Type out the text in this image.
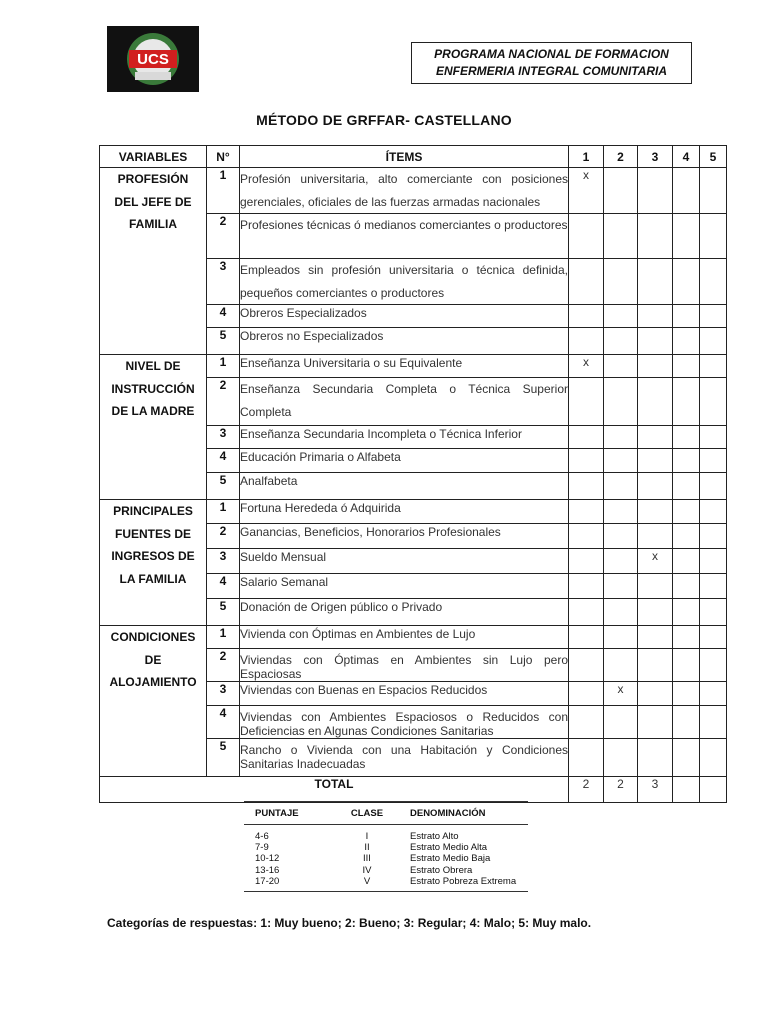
UCS	PROGRAMA NACIONAL DE FORMACION
ENFERMERIA INTEGRAL COMUNITARIA
MÉTODO DE GRFFAR- CASTELLANO
VARIABLES	N°	ÍTEMS	1	2	3	4	5
PROFESIÓN DEL JEFE DE FAMILIA	1	Profesión universitaria, alto comerciante con posiciones gerenciales, oficiales de las fuerzas armadas nacionales	x				
	2	Profesiones técnicas ó medianos comerciantes o productores					
	3	Empleados sin profesión universitaria o técnica definida, pequeños comerciantes o productores					
	4	Obreros Especializados					
	5	Obreros no Especializados					
NIVEL DE INSTRUCCIÓN DE LA MADRE	1	Enseñanza Universitaria o su Equivalente	x				
	2	Enseñanza Secundaria Completa o Técnica Superior Completa					
	3	Enseñanza Secundaria Incompleta o Técnica Inferior					
	4	Educación Primaria o Alfabeta					
	5	Analfabeta					
PRINCIPALES FUENTES DE INGRESOS DE LA FAMILIA	1	Fortuna Herededa ó Adquirida					
	2	Ganancias, Beneficios, Honorarios Profesionales					
	3	Sueldo Mensual			x		
	4	Salario Semanal					
	5	Donación de Origen público o Privado					
CONDICIONES DE ALOJAMIENTO	1	Vivienda con Óptimas en Ambientes de Lujo					
	2	Viviendas con Óptimas en Ambientes sin Lujo pero Espaciosas					
	3	Viviendas con Buenas en Espacios Reducidos		x			
	4	Viviendas con Ambientes Espaciosos o Reducidos con Deficiencias en Algunas Condiciones Sanitarias					
	5	Rancho o Vivienda con una Habitación y Condiciones Sanitarias Inadecuadas					
TOTAL			2	2	3		
PUNTAJE	CLASE	DENOMINACIÓN
4-6	I	Estrato Alto
7-9	II	Estrato Medio Alta
10-12	III	Estrato Medio Baja
13-16	IV	Estrato Obrera
17-20	V	Estrato Pobreza Extrema
Categorías de respuestas: 1: Muy bueno; 2: Bueno; 3: Regular; 4: Malo; 5: Muy malo.
